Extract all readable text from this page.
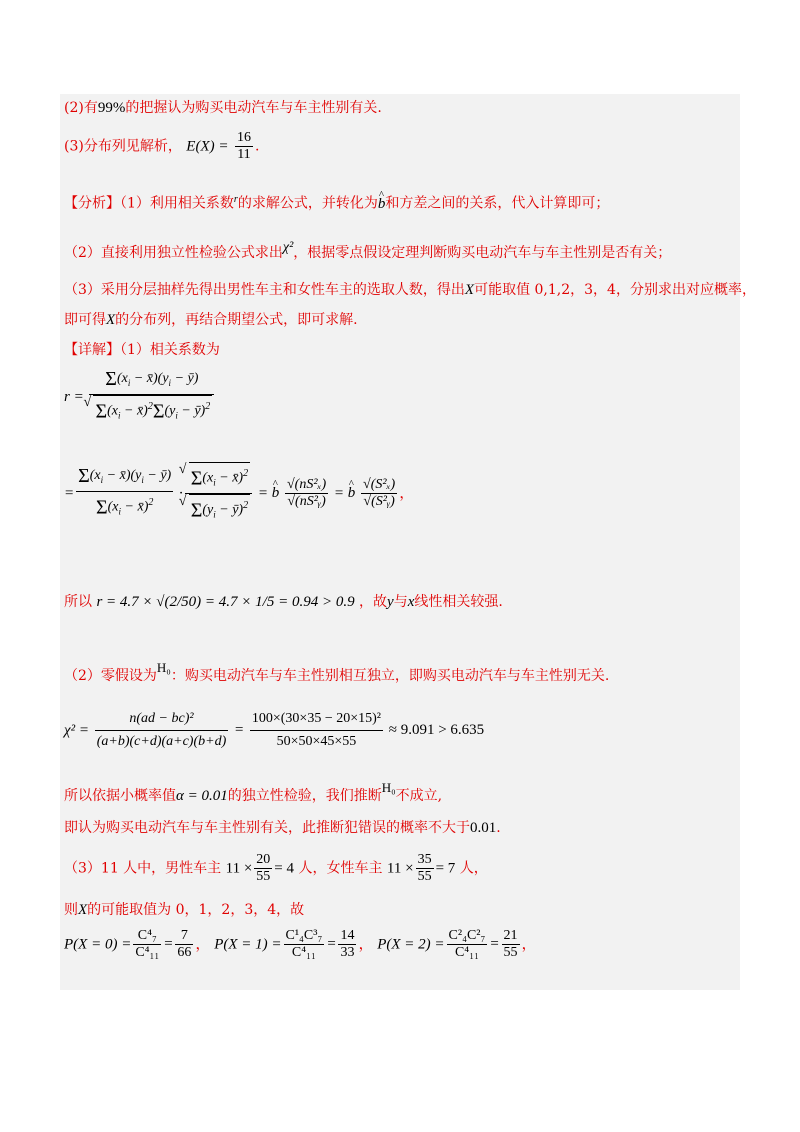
(2)有99%的把握认为购买电动汽车与车主性别有关.
(3)分布列见解析， $E(X) = \frac{16}{11}$ .
【分析】（1）利用相关系数$^r$的求解公式，并转化为^ b和方差之间的关系，代入计算即可；
（2）直接利用独立性检验公式求出χ²，根据零点假设定理判断购买电动汽车与车主性别是否有关；
（3）采用分层抽样先得出男性车主和女性车主的选取人数，得出X可能取值 0,1,2，3，4，分别求出对应概率，
即可得X的分布列，再结合期望公式，即可求解.
【详解】（1）相关系数为
$r = \Sigma(x_i$ − $x̄)(y_i$ − ȳ)
√ $\Sigma(x_i$ − $x̄)^2\Sigma(y_i$ − ȳ)$^2$
= $\frac{\Sigma(x_i - x̄)(y_i - ȳ)}{\Sigma(x_i - x̄)^2}$ ·
√ $\Sigma(x_i$ − x̄)$^2$
√ $\Sigma(y_i$ − ȳ)$^2$ = ^ b $\frac{\text{√(nS²ₓ)}}{\text{√(nS²ᵧ)}}$ = ^ b $\frac{\text{√(S²ₓ)}}{\text{√(S²ᵧ)}}$ ，
所以 r = 4.7 × √(2/50) = 4.7 × 1/5 = 0.94 > 0.9 ，故y与x线性相关较强.
（2）零假设为H₀：购买电动汽车与车主性别相互独立，即购买电动汽车与车主性别无关.
$\chi^2 = \frac{\text{n(ad − bc)²}}{(a+b)(c+d)(a+c)(b+d)} = \frac{\text{100×(30×35 − 20×15)²}}{50\times 50\times 45\times 55} \approx 9.091 > 6.635$
所以依据小概率值α = 0.01的独立性检验，我们推断H₀不成立,
即认为购买电动汽车与车主性别有关，此推断犯错误的概率不大于0.01.
（3）11 人中，男性车主 $11 \times \frac{20}{55} = 4$ 人，女性车主 $11 \times \frac{35}{55} = 7$ 人，
则X的可能取值为 0，1，2，3，4，故
$P(X = 0) = \frac{\text{C⁴₇}}{\text{C⁴₁₁}} = \frac{7}{66}$ ， $P(X = 1) = \frac{\text{C¹₄C³₇}}{\text{C⁴₁₁}} = \frac{14}{33}$ ， $P(X = 2) = \frac{\text{C²₄C²₇}}{\text{C⁴₁₁}} = \frac{21}{55}$ ，
